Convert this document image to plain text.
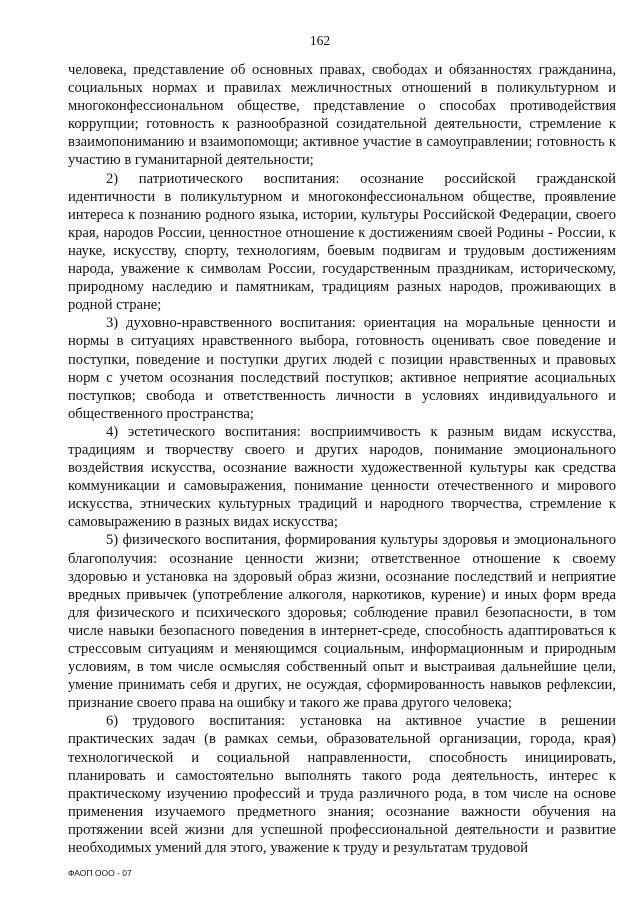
162

человека, представление об основных правах, свободах и обязанностях гражданина, социальных нормах и правилах межличностных отношений в поликультурном и многоконфессиональном обществе, представление о способах противодействия коррупции; готовность к разнообразной созидательной деятельности, стремление к взаимопониманию и взаимопомощи; активное участие в самоуправлении; готовность к участию в гуманитарной деятельности;

2) патриотического воспитания: осознание российской гражданской идентичности в поликультурном и многоконфессиональном обществе, проявление интереса к познанию родного языка, истории, культуры Российской Федерации, своего края, народов России, ценностное отношение к достижениям своей Родины - России, к науке, искусству, спорту, технологиям, боевым подвигам и трудовым достижениям народа, уважение к символам России, государственным праздникам, историческому, природному наследию и памятникам, традициям разных народов, проживающих в родной стране;

3) духовно-нравственного воспитания: ориентация на моральные ценности и нормы в ситуациях нравственного выбора, готовность оценивать свое поведение и поступки, поведение и поступки других людей с позиции нравственных и правовых норм с учетом осознания последствий поступков; активное неприятие асоциальных поступков; свобода и ответственность личности в условиях индивидуального и общественного пространства;

4) эстетического воспитания: восприимчивость к разным видам искусства, традициям и творчеству своего и других народов, понимание эмоционального воздействия искусства, осознание важности художественной культуры как средства коммуникации и самовыражения, понимание ценности отечественного и мирового искусства, этнических культурных традиций и народного творчества, стремление к самовыражению в разных видах искусства;

5) физического воспитания, формирования культуры здоровья и эмоционального благополучия: осознание ценности жизни; ответственное отношение к своему здоровью и установка на здоровый образ жизни, осознание последствий и неприятие вредных привычек (употребление алкоголя, наркотиков, курение) и иных форм вреда для физического и психического здоровья; соблюдение правил безопасности, в том числе навыки безопасного поведения в интернет-среде, способность адаптироваться к стрессовым ситуациям и меняющимся социальным, информационным и природным условиям, в том числе осмысляя собственный опыт и выстраивая дальнейшие цели, умение принимать себя и других, не осуждая, сформированность навыков рефлексии, признание своего права на ошибку и такого же права другого человека;

6) трудового воспитания: установка на активное участие в решении практических задач (в рамках семьи, образовательной организации, города, края) технологической и социальной направленности, способность инициировать, планировать и самостоятельно выполнять такого рода деятельность, интерес к практическому изучению профессий и труда различного рода, в том числе на основе применения изучаемого предметного знания; осознание важности обучения на протяжении всей жизни для успешной профессиональной деятельности и развитие необходимых умений для этого, уважение к труду и результатам трудовой

ФАОП ООО - 07
